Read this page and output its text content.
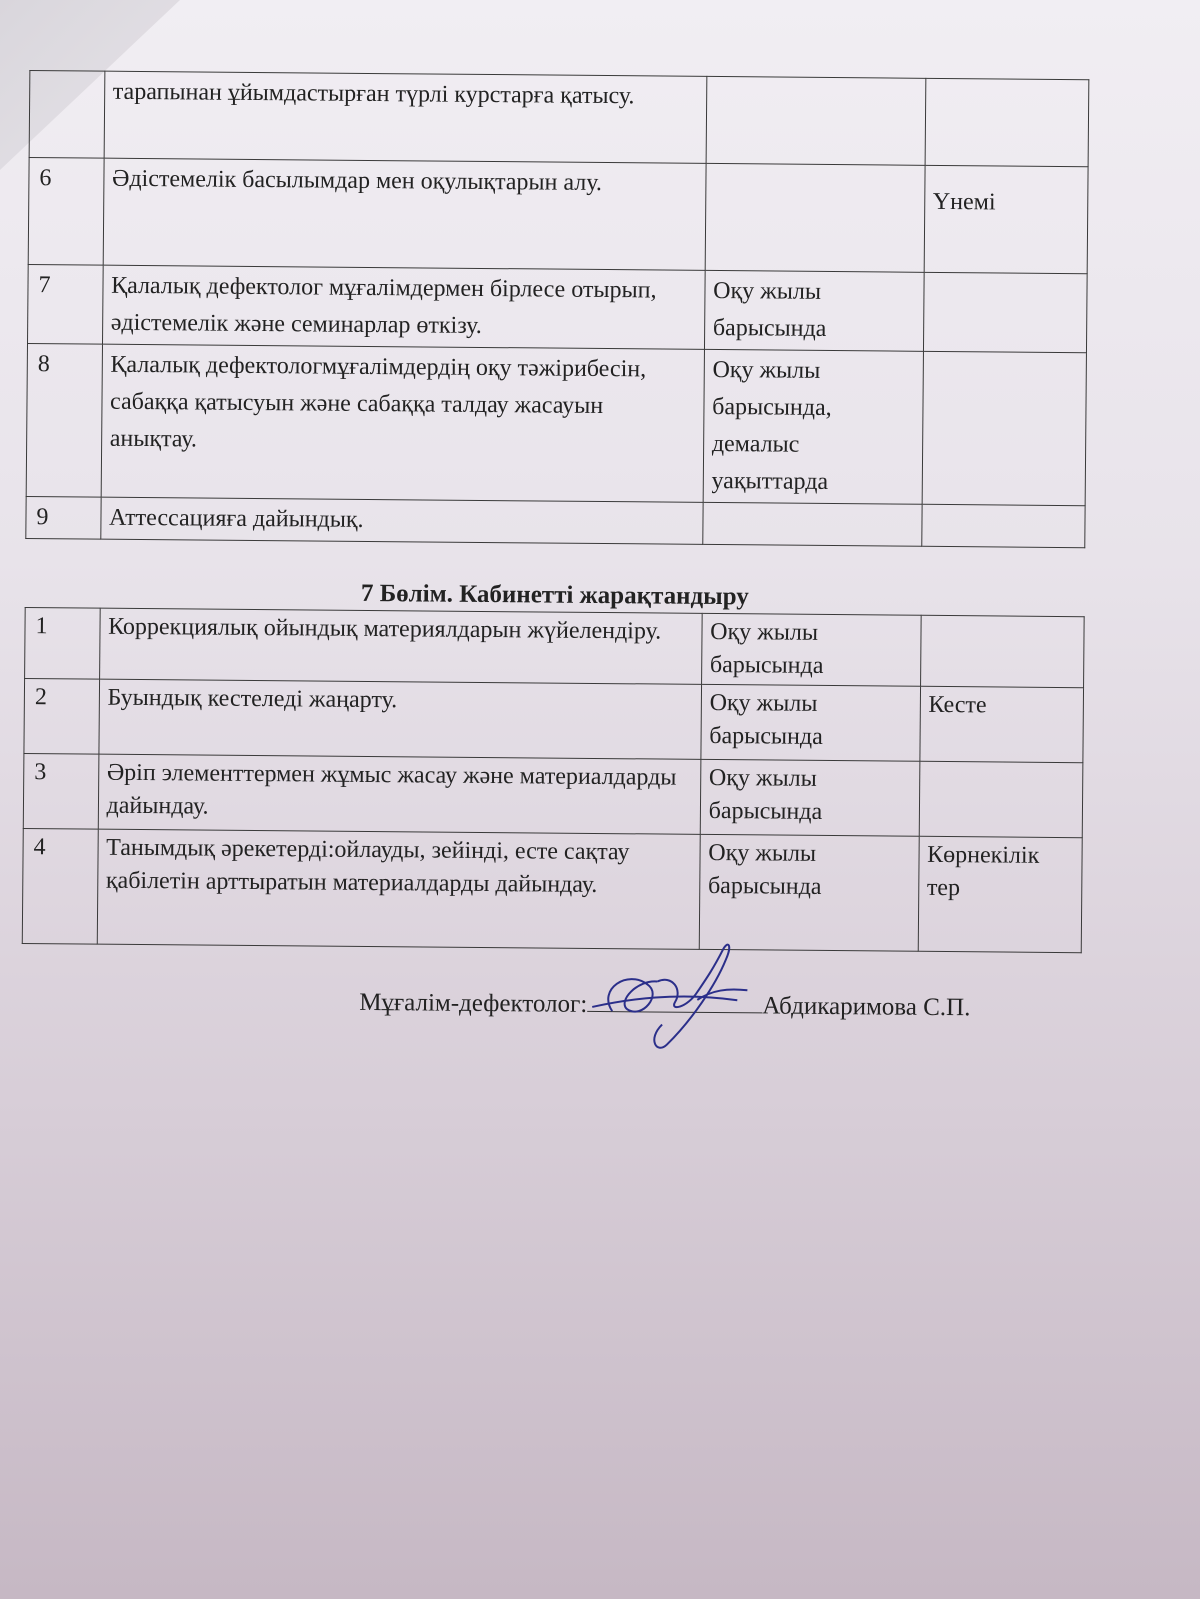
	тарапынан ұйымдастырған түрлі курстарға қатысу.		
6	Әдістемелік басылымдар мен оқулықтарын алу.		Үнемі
7	Қалалық дефектолог мұғалімдермен бірлесе отырып, әдістемелік және семинарлар өткізу.	Оқу жылы барысында	
8	Қалалық дефектологмұғалімдердің оқу тәжірибесін, сабаққа қатысуын және сабаққа талдау жасауын анықтау.	Оқу жылы барысында, демалыс уақыттарда	
9	Аттессацияға дайындық.		
7 Бөлім. Кабинетті жарақтандыру
1	Коррекциялық ойындық материялдарын жүйелендіру.	Оқу жылы барысында	
2	Буындық кестеледі жаңарту.	Оқу жылы барысында	Кесте
3	Әріп элементтермен жұмыс жасау және материалдарды дайындау.	Оқу жылы барысында	
4	Танымдық әрекетерді:ойлауды, зейінді, есте сақтау қабілетін арттыратын материалдарды дайындау.	Оқу жылы барысында	Көрнекілік тер
Мұғалім-дефектолог:	Абдикаримова С.П.
